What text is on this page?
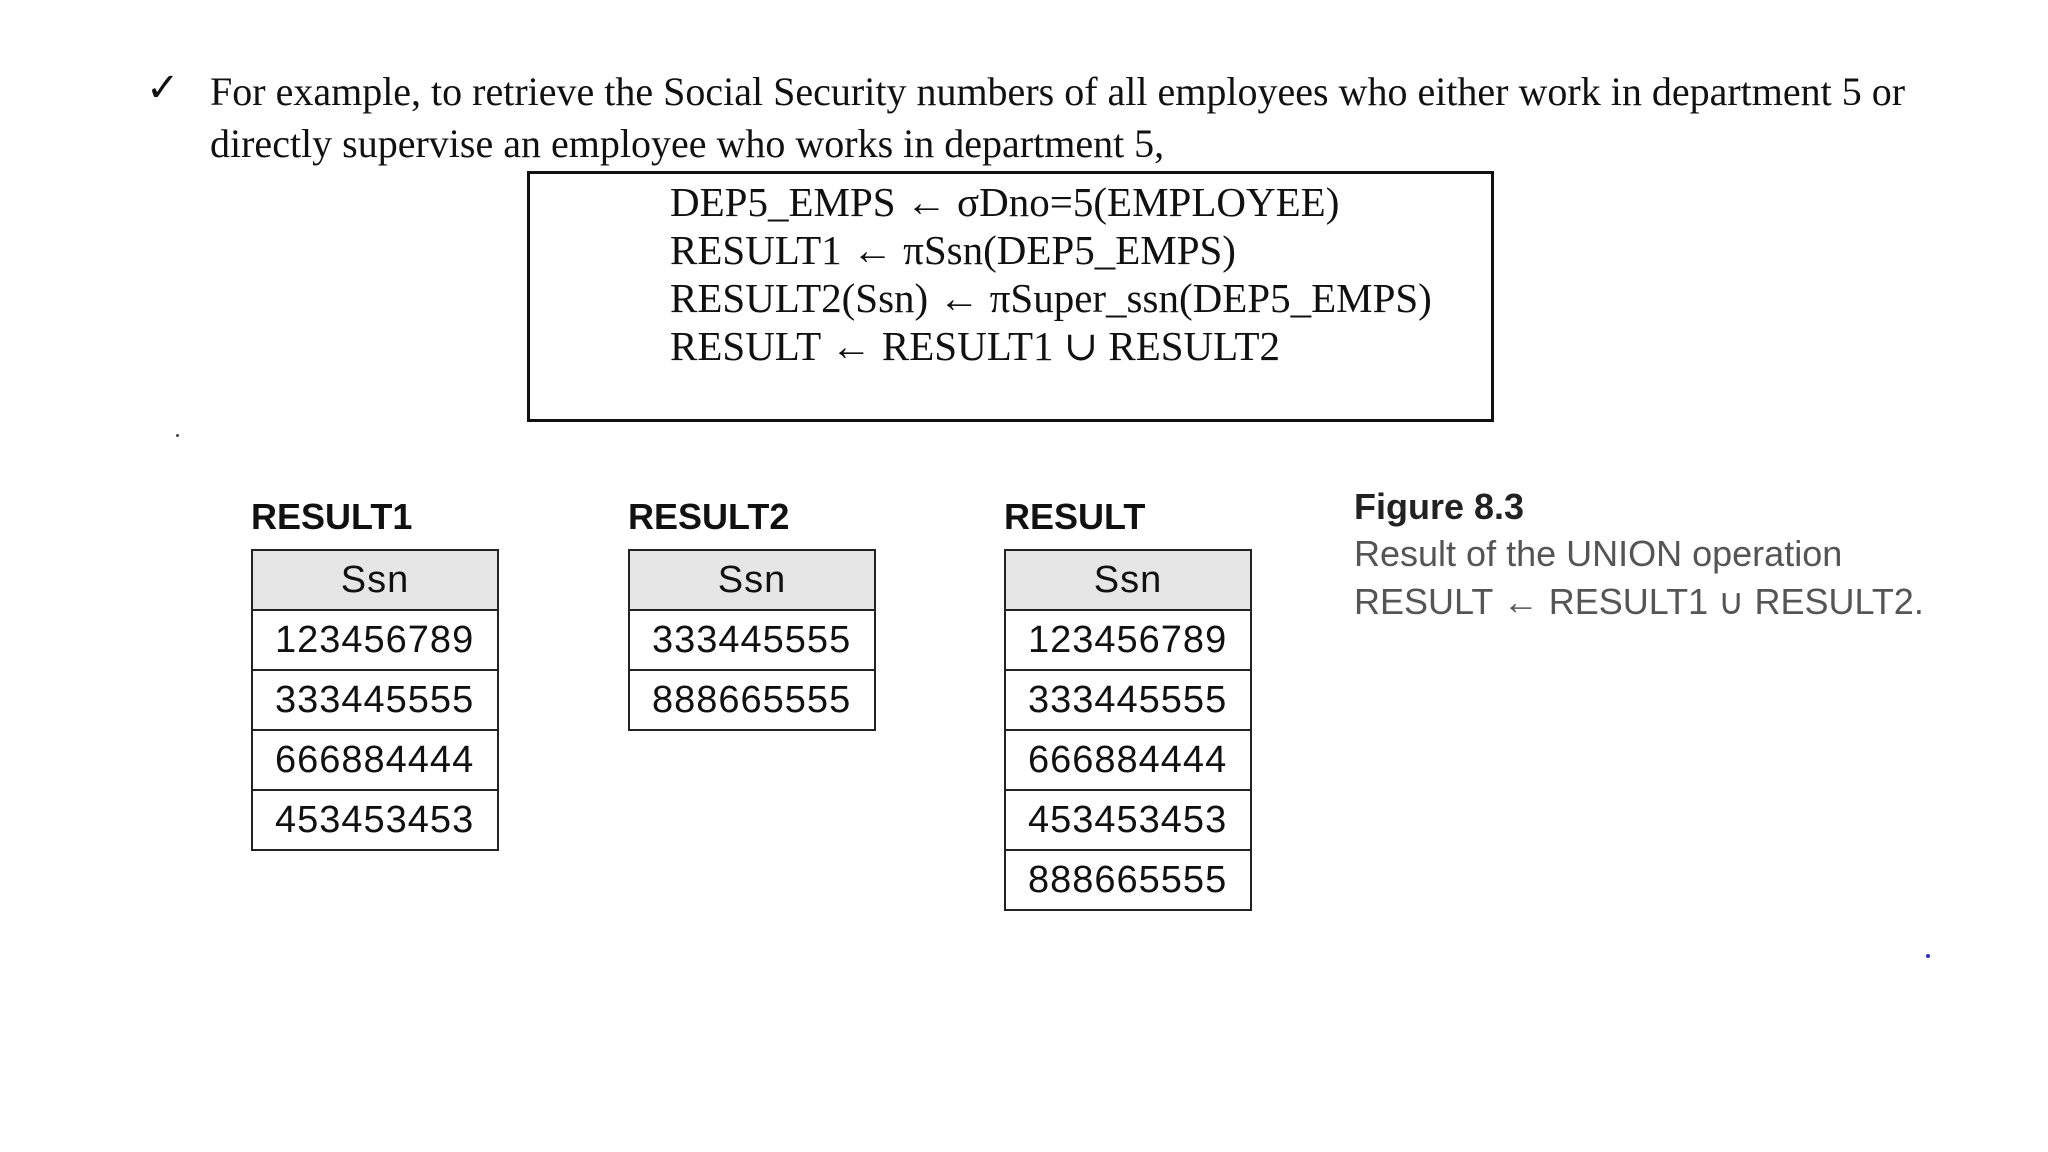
✓ For example, to retrieve the Social Security numbers of all employees who either work in department 5 or directly supervise an employee who works in department 5,
DEP5_EMPS ← σDno=5(EMPLOYEE)
RESULT1 ← πSsn(DEP5_EMPS)
RESULT2(Ssn) ← πSuper_ssn(DEP5_EMPS)
RESULT ← RESULT1 ∪ RESULT2
RESULT1
Ssn
123456789
333445555
666884444
453453453
RESULT2
Ssn
333445555
888665555
RESULT
Ssn
123456789
333445555
666884444
453453453
888665555
Figure 8.3
Result of the UNION operation
RESULT ← RESULT1 ∪ RESULT2.
